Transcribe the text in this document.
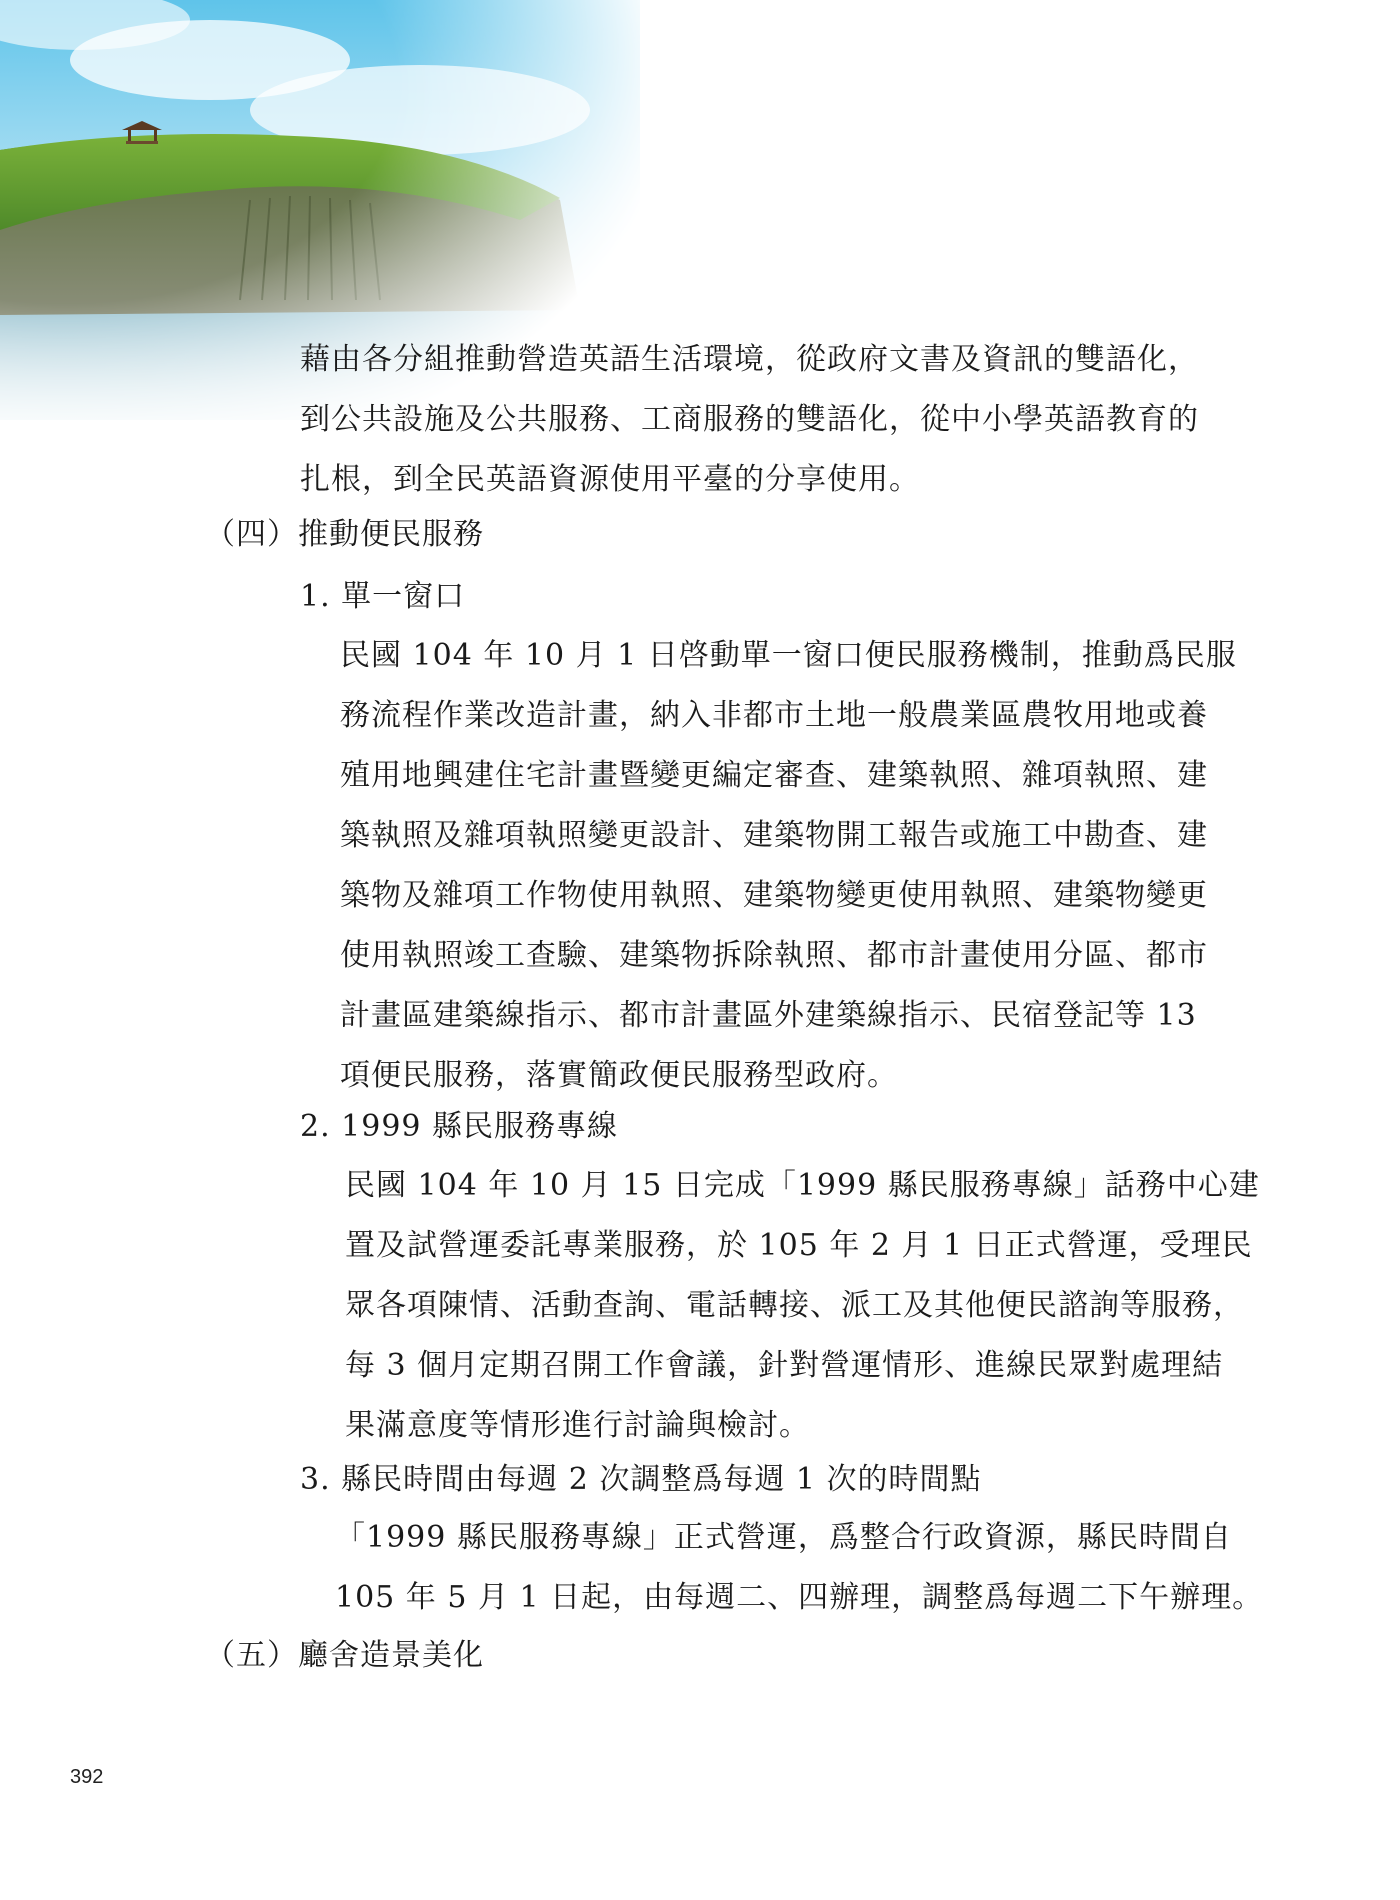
藉由各分組推動營造英語生活環境，從政府文書及資訊的雙語化，
到公共設施及公共服務、工商服務的雙語化，從中小學英語教育的
扎根，到全民英語資源使用平臺的分享使用。
（四）推動便民服務
1. 單一窗口
民國 104 年 10 月 1 日啓動單一窗口便民服務機制，推動爲民服
務流程作業改造計畫，納入非都市土地一般農業區農牧用地或養
殖用地興建住宅計畫暨變更編定審查、建築執照、雜項執照、建
築執照及雜項執照變更設計、建築物開工報告或施工中勘查、建
築物及雜項工作物使用執照、建築物變更使用執照、建築物變更
使用執照竣工查驗、建築物拆除執照、都市計畫使用分區、都市
計畫區建築線指示、都市計畫區外建築線指示、民宿登記等 13
項便民服務，落實簡政便民服務型政府。
2. 1999 縣民服務專線
民國 104 年 10 月 15 日完成「1999 縣民服務專線」話務中心建
置及試營運委託專業服務，於 105 年 2 月 1 日正式營運，受理民
眾各項陳情、活動查詢、電話轉接、派工及其他便民諮詢等服務，
每 3 個月定期召開工作會議，針對營運情形、進線民眾對處理結
果滿意度等情形進行討論與檢討。
3. 縣民時間由每週 2 次調整爲每週 1 次的時間點
「1999 縣民服務專線」正式營運，爲整合行政資源，縣民時間自
105 年 5 月 1 日起，由每週二、四辦理，調整爲每週二下午辦理。
（五）廳舍造景美化
392
